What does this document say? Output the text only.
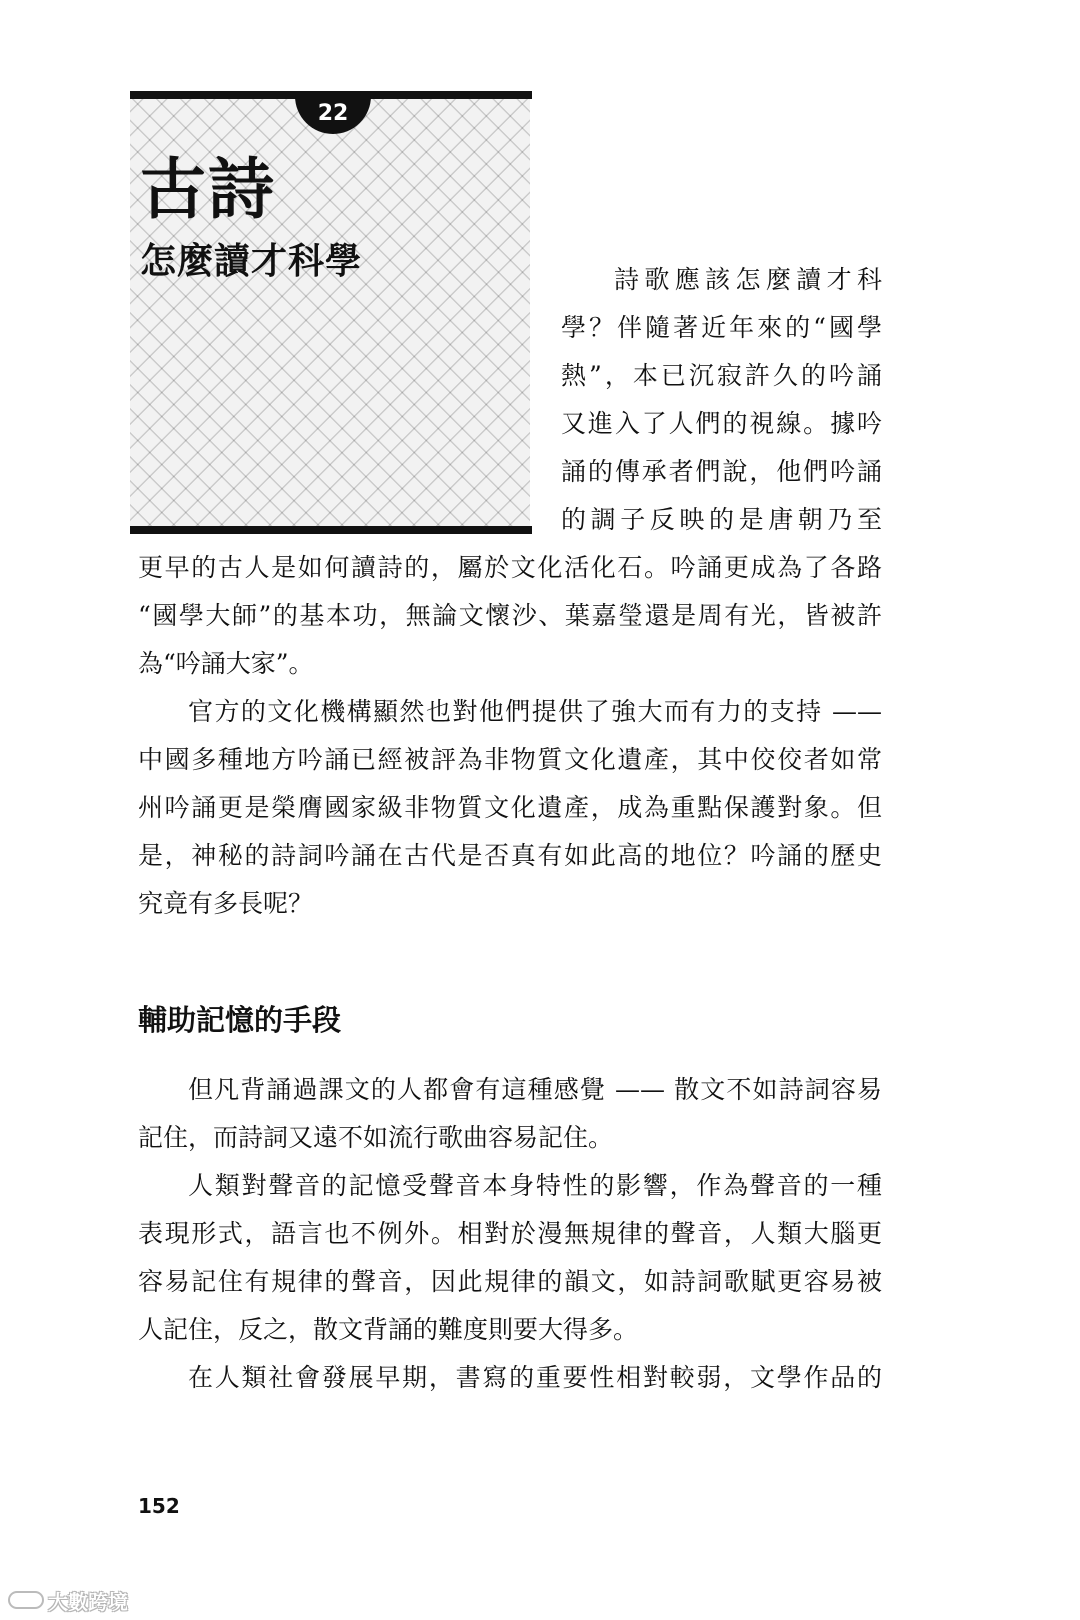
22
古詩
怎麼讀才科學	詩歌應該怎麼讀才科

學？伴隨著近年來的“國學

熱”，本已沉寂許久的吟誦

又進入了人們的視線。據吟

誦的傳承者們說，他們吟誦

的調子反映的是唐朝乃至

更早的古人是如何讀詩的，屬於文化活化石。吟誦更成為了各路

“國學大師”的基本功，無論文懷沙、葉嘉瑩還是周有光，皆被許

為“吟誦大家”。

官方的文化機構顯然也對他們提供了強大而有力的支持 ——

中國多種地方吟誦已經被評為非物質文化遺產，其中佼佼者如常

州吟誦更是榮膺國家級非物質文化遺產，成為重點保護對象。但

是，神秘的詩詞吟誦在古代是否真有如此高的地位？吟誦的歷史

究竟有多長呢？

但凡背誦過課文的人都會有這種感覺 —— 散文不如詩詞容易

記住，而詩詞又遠不如流行歌曲容易記住。

人類對聲音的記憶受聲音本身特性的影響，作為聲音的一種

表現形式，語言也不例外。相對於漫無規律的聲音，人類大腦更

容易記住有規律的聲音，因此規律的韻文，如詩詞歌賦更容易被

人記住，反之，散文背誦的難度則要大得多。

在人類社會發展早期，書寫的重要性相對較弱，文學作品的

輔助記憶的手段
152
大數跨境
